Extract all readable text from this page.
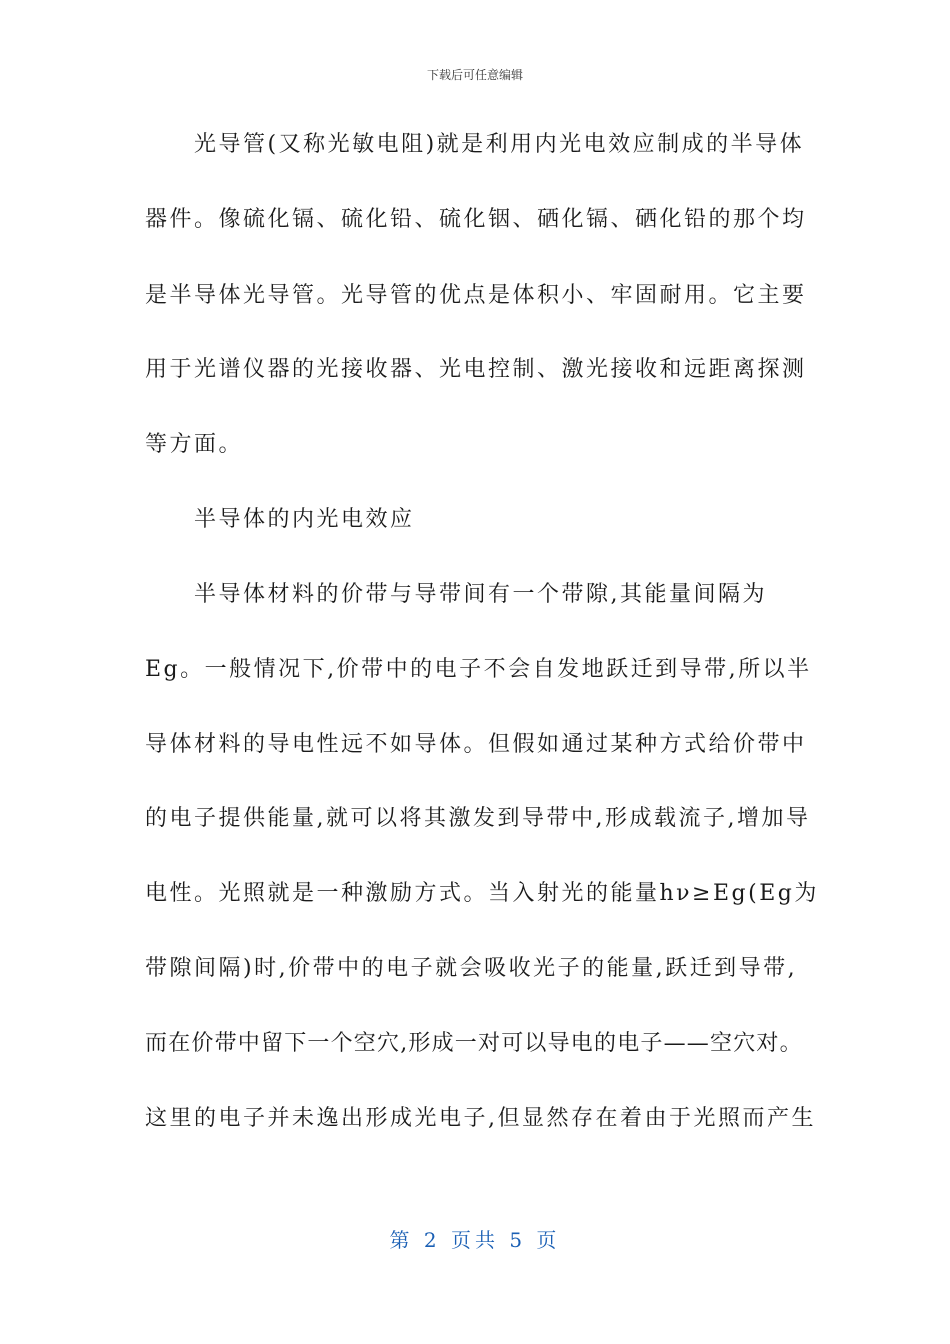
下载后可任意编辑
光导管(又称光敏电阻)就是利用内光电效应制成的半导体
器件。像硫化镉、硫化铅、硫化铟、硒化镉、硒化铅的那个均
是半导体光导管。光导管的优点是体积小、牢固耐用。它主要
用于光谱仪器的光接收器、光电控制、激光接收和远距离探测
等方面。
半导体的内光电效应
半导体材料的价带与导带间有一个带隙,其能量间隔为
Eg。一般情况下,价带中的电子不会自发地跃迁到导带,所以半
导体材料的导电性远不如导体。但假如通过某种方式给价带中
的电子提供能量,就可以将其激发到导带中,形成载流子,增加导
电性。光照就是一种激励方式。当入射光的能量hν≥Eg(Eg为
带隙间隔)时,价带中的电子就会吸收光子的能量,跃迁到导带,
而在价带中留下一个空穴,形成一对可以导电的电子——空穴对。
这里的电子并未逸出形成光电子,但显然存在着由于光照而产生
第 2 页共 5 页
